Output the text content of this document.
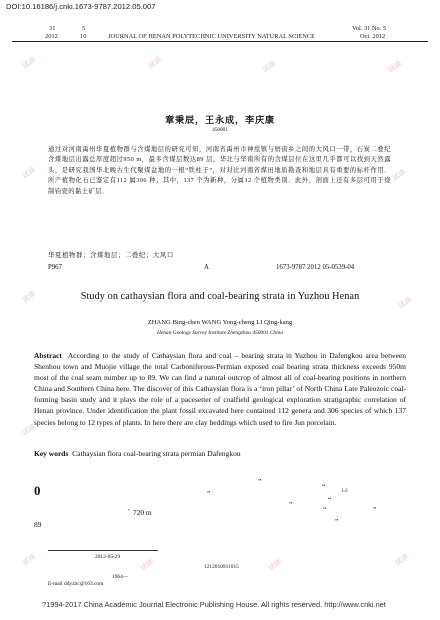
DOI:10.16186/j.cnki.1673-9787.2012.05.007
31	5
2012	10	JOURNAL OF HENAN POLYTECHNIC UNIVERSITY NATURAL SCIENCE
Vol. 31 No. 5
Oct. 2012
章秉辰，王永成，李庆康
450001
通过对河南禹州华夏植物群与含煤地层的研究可知，河南省禹州市神垕镇与磨街乡之间的大风口一带，石炭二叠纪含煤地层出露总厚度超过950 m，最多含煤层数达89 层，华北与华南所有的含煤层位在这里几乎都可以找到天然露头，是研究我国华北晚古生代聚煤盆地的一根“铁柱子”，对对比河南省煤田地质勘查和地层具有重要的标杆作用．所产植物化石已鉴定有112 属306 种；其中，137 个为新种，分属12 个植物类别．此外，剖面上还有多层可用于烧制钧瓷的黏土矿层．
华夏植物群；含煤地层；二叠纪；大风口
P967	A	1673-9787 2012 05-0539-04
Study on cathaysian flora and coal-bearing strata in Yuzhou Henan
ZHANG Bing-chen WANG Yong-cheng LI Qing-kang
Henan Geology Survey Institute Zhengzhou 450001 China
Abstract According to the study of Cathaysian flora and coal – bearing strata in Yuzhou in Dafengkou area between Shenhou town and Muojie village the total Carboniferous-Permian exposed coal bearing strata thickness exceeds 950m most of the coal seam number up to 89. We can find a natural outcrop of almost all of coal-bearing positions in northern China and Southern China here. The discover of this Cathaysian flora is a ‘iron pillar’ of North China Late Paleozoic coal-forming basin study and it plays the role of a pacesetter of coalfield geological exploration stratigraphic correlation of Henan province. Under identification the plant fossil excavated here contained 112 genera and 306 species of which 137 species belong to 12 types of plants. In here there are clay beddings which used to fire Jun porcelain.
Key words Cathaysian flora coal-bearing strata permian Dafengkou
0
”
1-2
”
“
”
,
720 m
89
“	”
“
”
2012-05-29
1212010911015
1964—
E-mail ddyzbc@163.com
?1994-2017 China Academic Journal Electronic Publishing House. All rights reserved. http://www.cnki.net
试读	试读	试读	试读
试读	试读
试读	试读
试读
试读	试读	试读	试读
